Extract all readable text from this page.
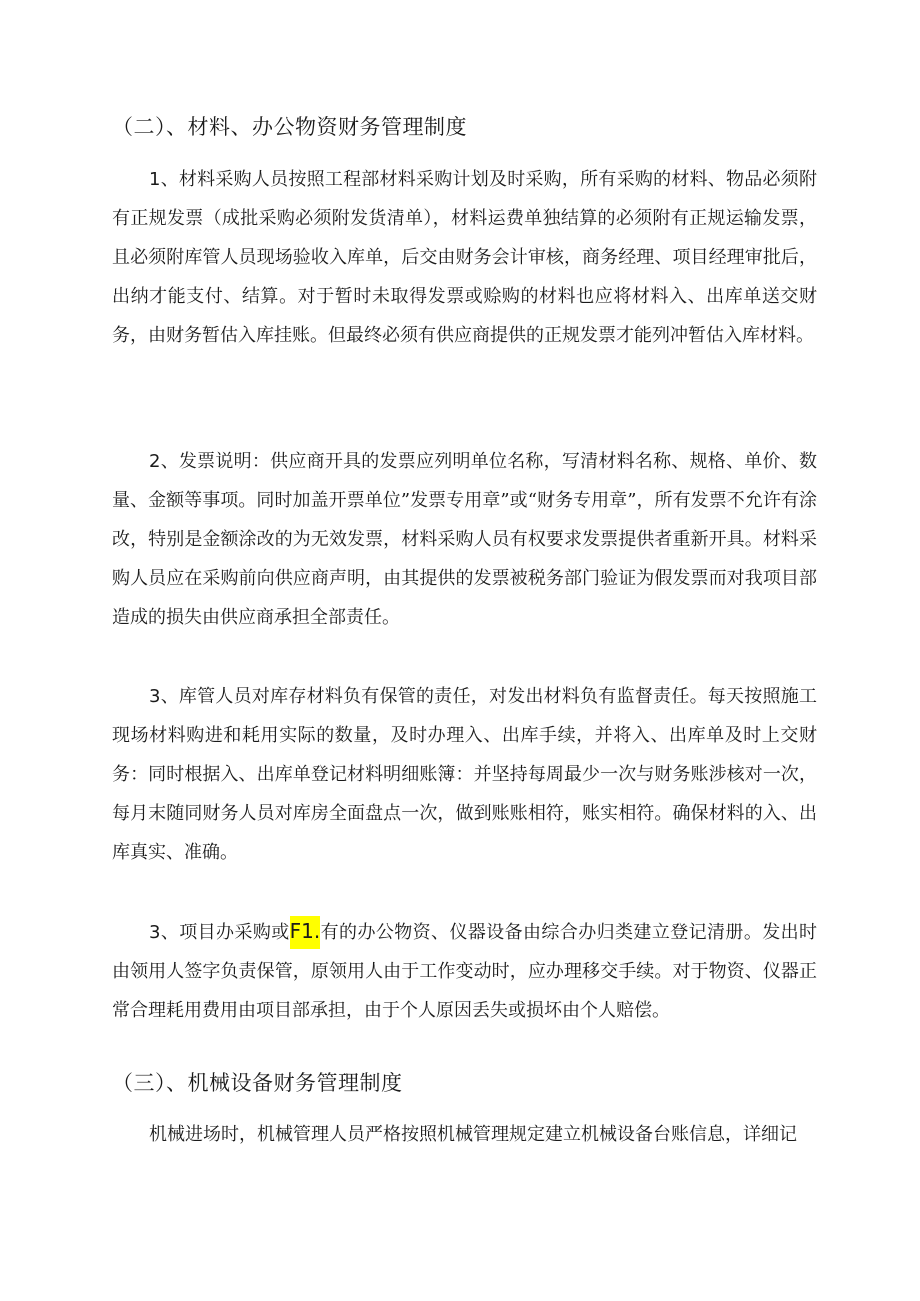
（二）、材料、办公物资财务管理制度

1、材料采购人员按照工程部材料采购计划及时采购，所有采购的材料、物品必须附有正规发票（成批采购必须附发货清单），材料运费单独结算的必须附有正规运输发票，且必须附库管人员现场验收入库单，后交由财务会计审核，商务经理、项目经理审批后，出纳才能支付、结算。对于暂时未取得发票或赊购的材料也应将材料入、出库单送交财务，由财务暂估入库挂账。但最终必须有供应商提供的正规发票才能列冲暂估入库材料。

2、发票说明：供应商开具的发票应列明单位名称，写清材料名称、规格、单价、数量、金额等事项。同时加盖开票单位”发票专用章”或“财务专用章”，所有发票不允许有涂改，特别是金额涂改的为无效发票，材料采购人员有权要求发票提供者重新开具。材料采购人员应在采购前向供应商声明，由其提供的发票被税务部门验证为假发票而对我项目部造成的损失由供应商承担全部责任。

3、库管人员对库存材料负有保管的责任，对发出材料负有监督责任。每天按照施工现场材料购进和耗用实际的数量，及时办理入、出库手续，并将入、出库单及时上交财务：同时根据入、出库单登记材料明细账簿：并坚持每周最少一次与财务账涉核对一次，每月末随同财务人员对库房全面盘点一次，做到账账相符，账实相符。确保材料的入、出库真实、准确。

3、项目办采购或F1.有的办公物资、仪器设备由综合办归类建立登记清册。发出时由领用人签字负责保管，原领用人由于工作变动时，应办理移交手续。对于物资、仪器正常合理耗用费用由项目部承担，由于个人原因丢失或损坏由个人赔偿。

（三）、机械设备财务管理制度

机械进场时，机械管理人员严格按照机械管理规定建立机械设备台账信息，详细记
